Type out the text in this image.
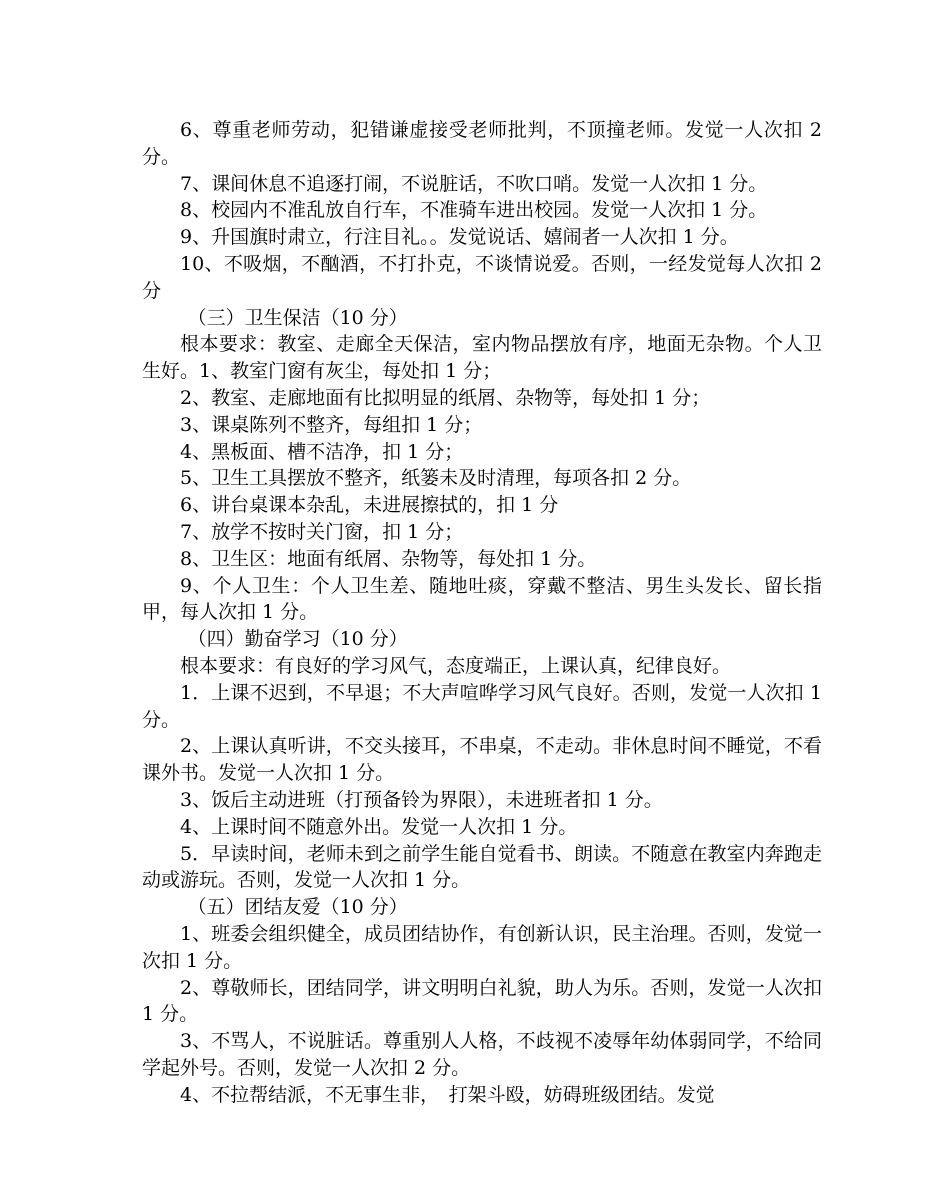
6、尊重老师劳动，犯错谦虚接受老师批判，不顶撞老师。发觉一人次扣 2 分。

7、课间休息不追逐打闹，不说脏话，不吹口哨。发觉一人次扣 1 分。

8、校园内不准乱放自行车，不准骑车进出校园。发觉一人次扣 1 分。

9、升国旗时肃立，行注目礼。。发觉说话、嬉闹者一人次扣 1 分。

10、不吸烟，不酗酒，不打扑克，不谈情说爱。否则，一经发觉每人次扣 2 分

（三）卫生保洁（10 分）

根本要求：教室、走廊全天保洁，室内物品摆放有序，地面无杂物。个人卫生好。1、教室门窗有灰尘，每处扣 1 分；

2、教室、走廊地面有比拟明显的纸屑、杂物等，每处扣 1 分；

3、课桌陈列不整齐，每组扣 1 分；

4、黑板面、槽不洁净，扣 1 分；

5、卫生工具摆放不整齐，纸篓未及时清理，每项各扣 2 分。

6、讲台桌课本杂乱，未进展擦拭的，扣 1 分

7、放学不按时关门窗，扣 1 分；

8、卫生区：地面有纸屑、杂物等，每处扣 1 分。

9、个人卫生：个人卫生差、随地吐痰，穿戴不整洁、男生头发长、留长指甲，每人次扣 1 分。

（四）勤奋学习（10 分）

根本要求：有良好的学习风气，态度端正，上课认真，纪律良好。

1．上课不迟到，不早退；不大声喧哗学习风气良好。否则，发觉一人次扣 1 分。

2、上课认真听讲，不交头接耳，不串桌，不走动。非休息时间不睡觉，不看课外书。发觉一人次扣 1 分。

3、饭后主动进班（打预备铃为界限），未进班者扣 1 分。

4、上课时间不随意外出。发觉一人次扣 1 分。

5．早读时间，老师未到之前学生能自觉看书、朗读。不随意在教室内奔跑走动或游玩。否则，发觉一人次扣 1 分。

（五）团结友爱（10 分）

1、班委会组织健全，成员团结协作，有创新认识，民主治理。否则，发觉一次扣 1 分。

2、尊敬师长，团结同学，讲文明明白礼貌，助人为乐。否则，发觉一人次扣 1 分。

3、不骂人，不说脏话。尊重别人人格，不歧视不凌辱年幼体弱同学，不给同学起外号。否则，发觉一人次扣 2 分。

4、不拉帮结派，不无事生非，　打架斗殴，妨碍班级团结。发觉
